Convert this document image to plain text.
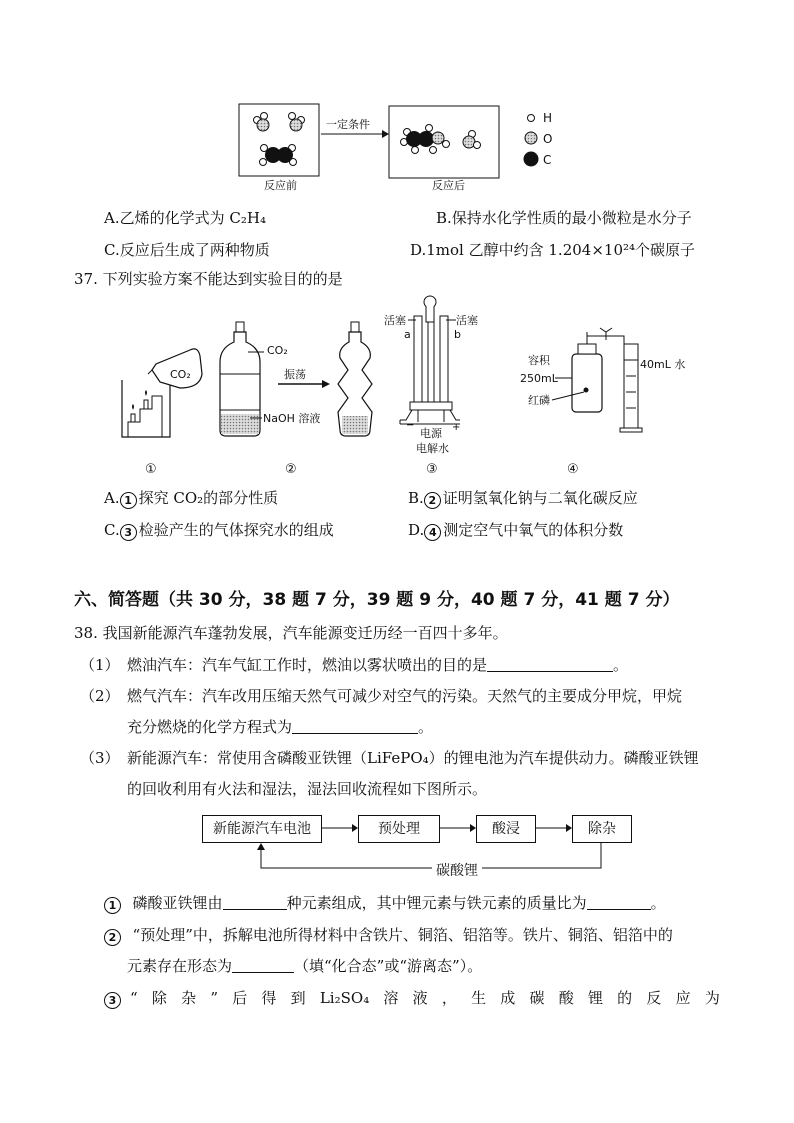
一定条件
反应前	反应后
H
O
C
A.乙烯的化学式为 C₂H₄	B.保持水化学性质的最小微粒是水分子
C.反应后生成了两种物质	D.1mol 乙醇中约含 1.204×10²⁴个碳原子
37. 下列实验方案不能达到实验目的的是
CO₂
CO₂
NaOH 溶液
振荡
−	+
电源
电解水
活塞	活塞
a	b
容积
250mL
红磷
40mL 水
①	②	③	④
A. 1 探究 CO₂的部分性质	B. 2 证明氢氧化钠与二氧化碳反应
C. 3 检验产生的气体探究水的组成	D. 4 测定空气中氧气的体积分数
六、简答题（共 30 分，38 题 7 分，39 题 9 分，40 题 7 分，41 题 7 分）
38. 我国新能源汽车蓬勃发展，汽车能源变迁历经一百四十多年。
（1） 燃油汽车：汽车气缸工作时，燃油以雾状喷出的目的是	。
（2） 燃气汽车：汽车改用压缩天然气可减少对空气的污染。天然气的主要成分甲烷，甲烷
充分燃烧的化学方程式为	。
（3） 新能源汽车：常使用含磷酸亚铁锂（LiFePO₄）的锂电池为汽车提供动力。磷酸亚铁锂
的回收利用有火法和湿法，湿法回收流程如下图所示。
新能源汽车电池	预处理	酸浸	除杂
碳酸锂
1 磷酸亚铁锂由	种元素组成，其中锂元素与铁元素的质量比为	。
2 “预处理”中，拆解电池所得材料中含铁片、铜箔、铝箔等。铁片、铜箔、铝箔中的
元素存在形态为	（填“化合态”或“游离态”）。
3 “ 除 杂 ” 后 得 到 Li₂SO₄ 溶 液 ， 生 成 碳 酸 锂 的 反 应 为
